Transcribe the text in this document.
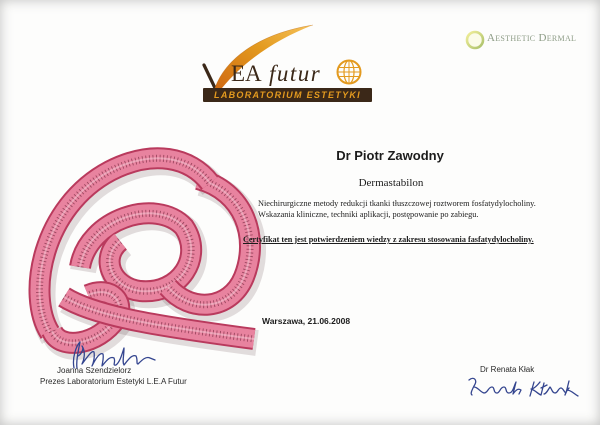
EA futur
LABORATORIUM ESTETYKI
Aesthetic Dermal
Dr Piotr Zawodny
Dermastabilon
Niechirurgiczne metody redukcji tkanki tłuszczowej roztworem fosfatydylocholiny.
Wskazania kliniczne, techniki aplikacji, postępowanie po zabiegu.
Certyfikat ten jest potwierdzeniem wiedzy z zakresu stosowania fasfatydylocholiny.
Warszawa, 21.06.2008
Joanna Szendzielorz
Prezes Laboratorium Estetyki L.E.A Futur
Dr Renata Kłak
